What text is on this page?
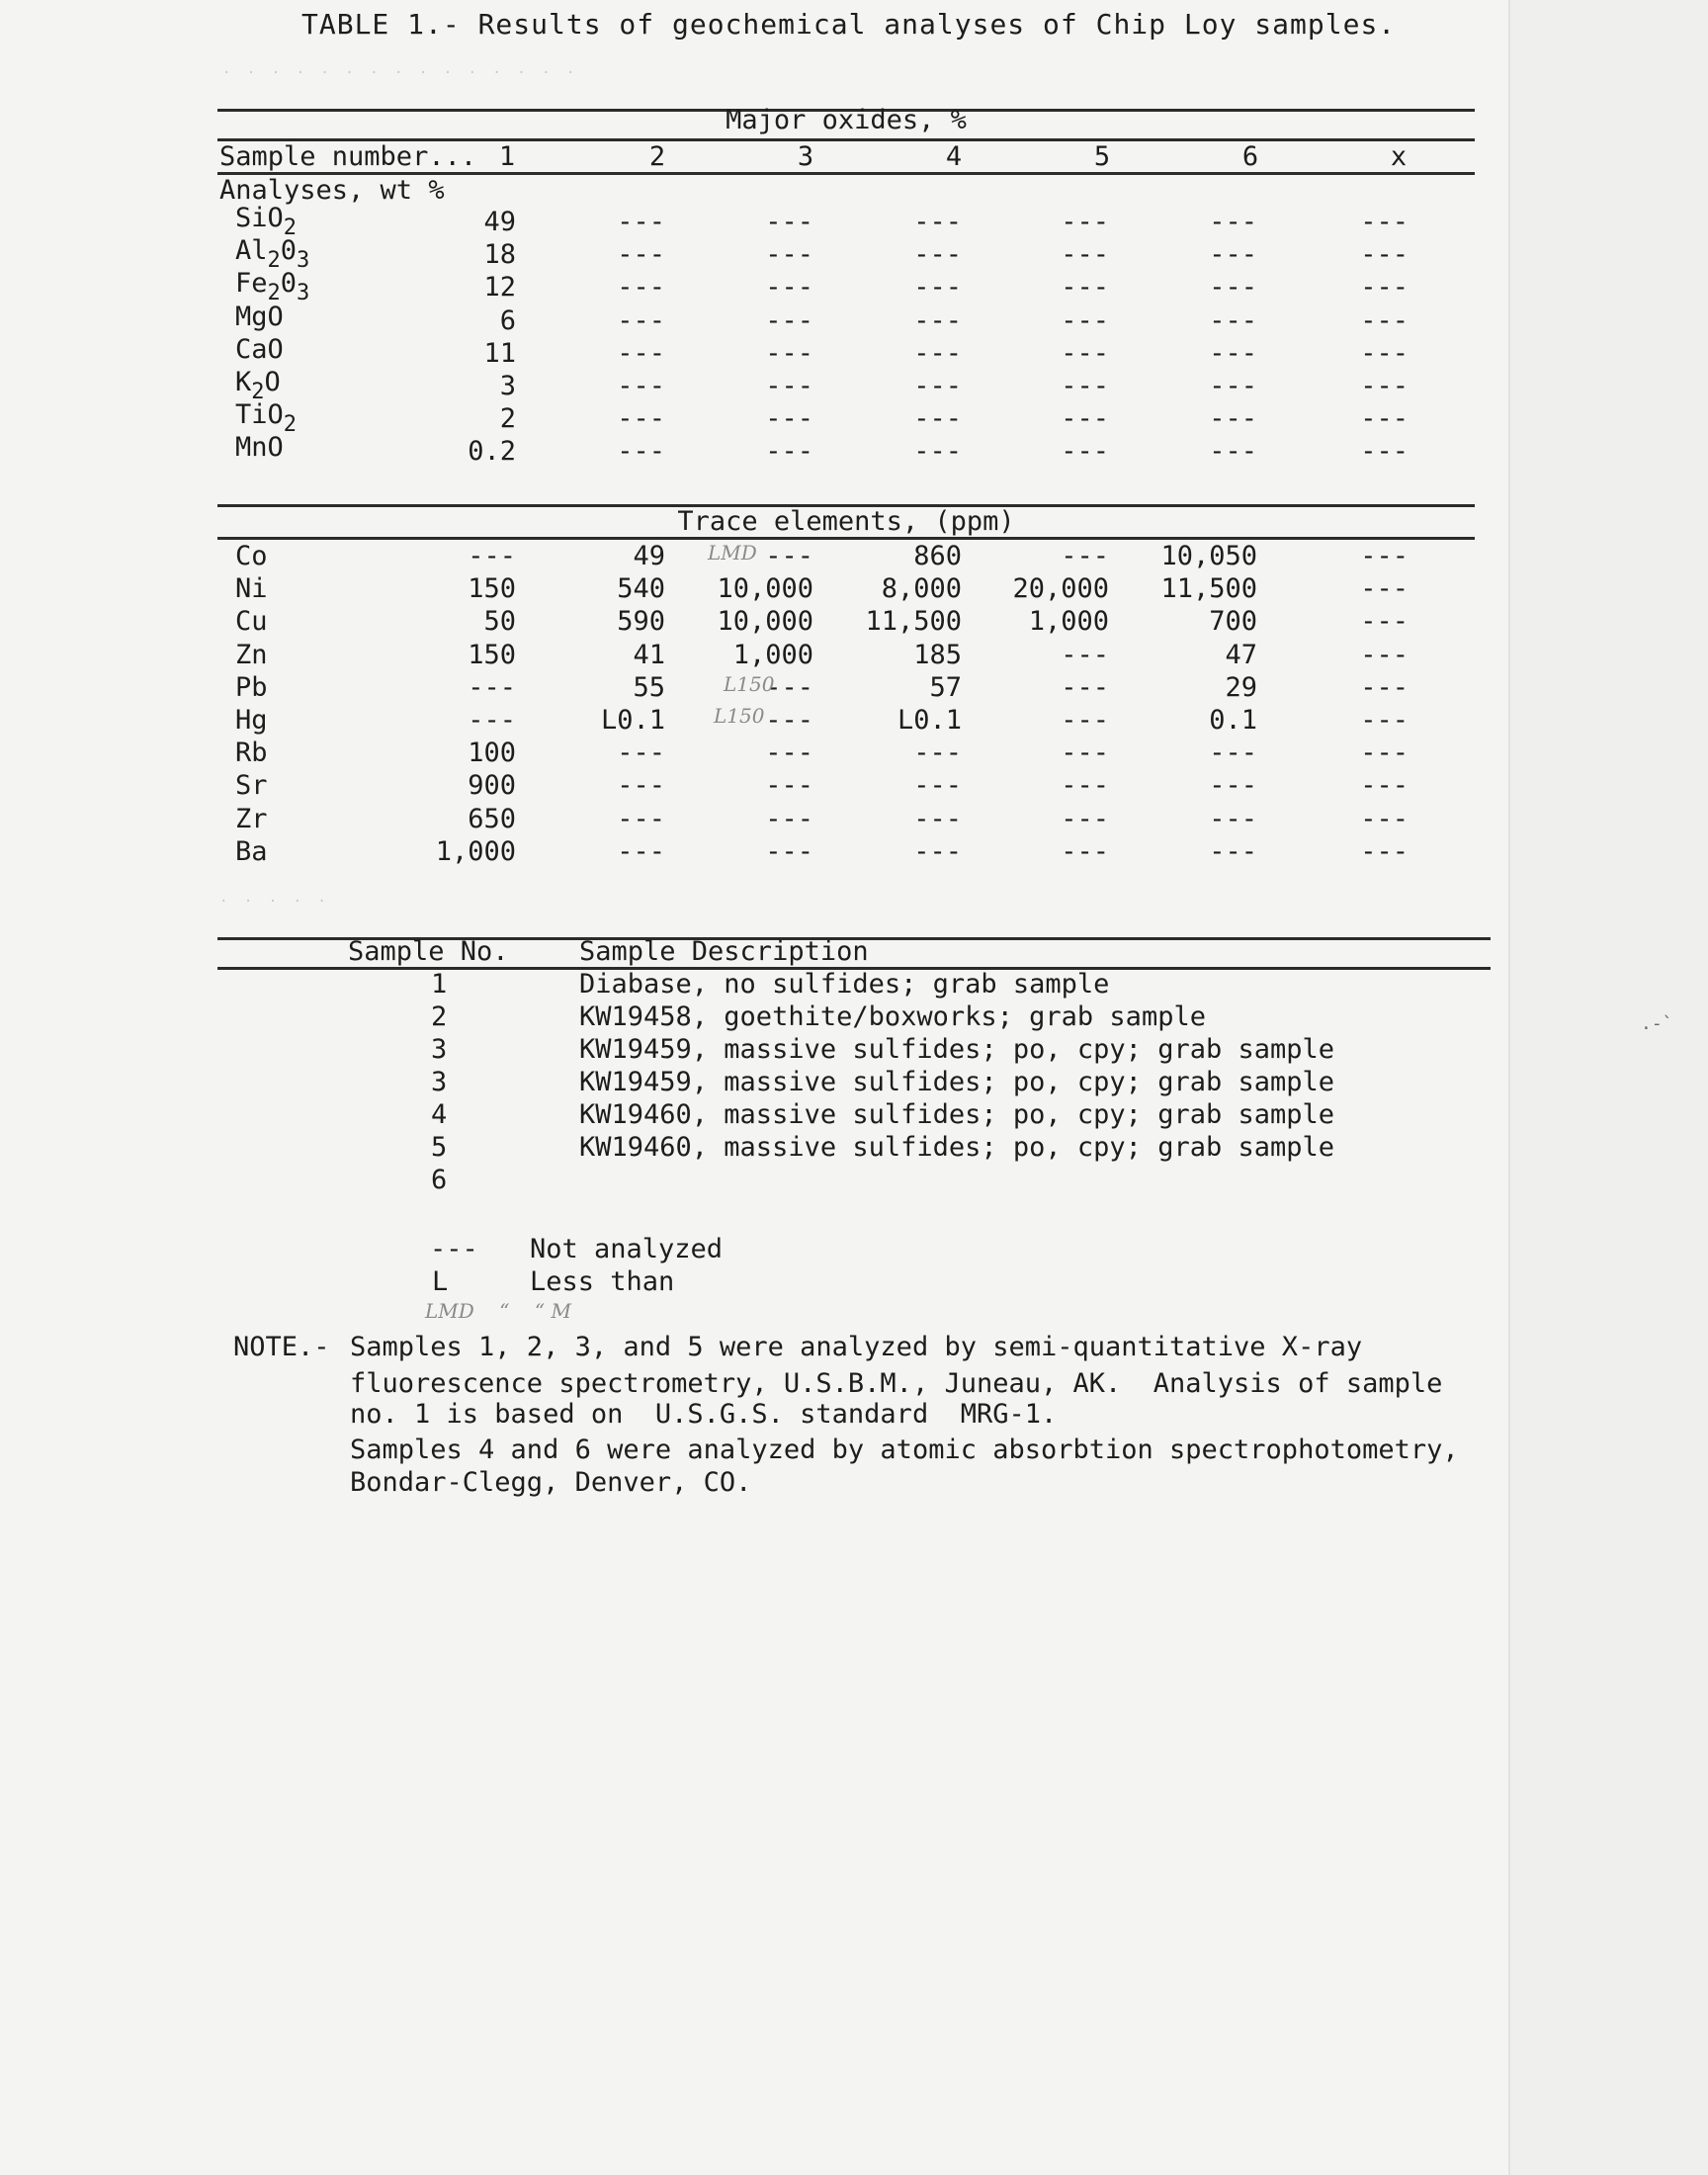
TABLE 1.- Results of geochemical analyses of Chip Loy samples.
. . . . . . . . . . . . . . .
Major oxides, %
Sample number... 1	2	3	4	5	6	x
Analyses, wt %
SiO$_2$	49	---	---	---	---	---	---
$Al_20_3$	18	---	---	---	---	---	---
$Fe_20_3$	12	---	---	---	---	---	---
MgO	6	---	---	---	---	---	---
CaO	11	---	---	---	---	---	---
$K_2O$	3	---	---	---	---	---	---
TiO$_2$	2	---	---	---	---	---	---
MnO	0.2	---	---	---	---	---	---
Trace elements, (ppm)
Co	---	49	---	860	---	10,050	---
Ni	150	540	10,000	8,000	20,000	11,500	---
Cu	50	590	10,000	11,500	1,000	700	---
Zn	150	41	1,000	185	---	47	---
Pb	---	55	---	57	---	29	---
Hg	---	L0.1	---	L0.1	---	0.1	---
Rb	100	---	---	---	---	---	---
Sr	900	---	---	---	---	---	---
Zr	650	---	---	---	---	---	---
Ba	1,000	---	---	---	---	---	---
LMD
L150
L150
. . . . .
Sample No.	Sample Description
1	Diabase, no sulfides; grab sample
2	KW19458, goethite/boxworks; grab sample
3	KW19459, massive sulfides; po, cpy; grab sample
3	KW19459, massive sulfides; po, cpy; grab sample
4	KW19460, massive sulfides; po, cpy; grab sample
5	KW19460, massive sulfides; po, cpy; grab sample
6
.-`
--- Not analyzed
L	Less than
LMD    “    “ M
NOTE.- Samples 1, 2, 3, and 5 were analyzed by semi-quantitative X-ray
fluorescence spectrometry, U.S.B.M., Juneau, AK.  Analysis of sample
no. 1 is based on  U.S.G.S. standard  MRG-1.
Samples 4 and 6 were analyzed by atomic absorbtion spectrophotometry,
Bondar-Clegg, Denver, CO.
